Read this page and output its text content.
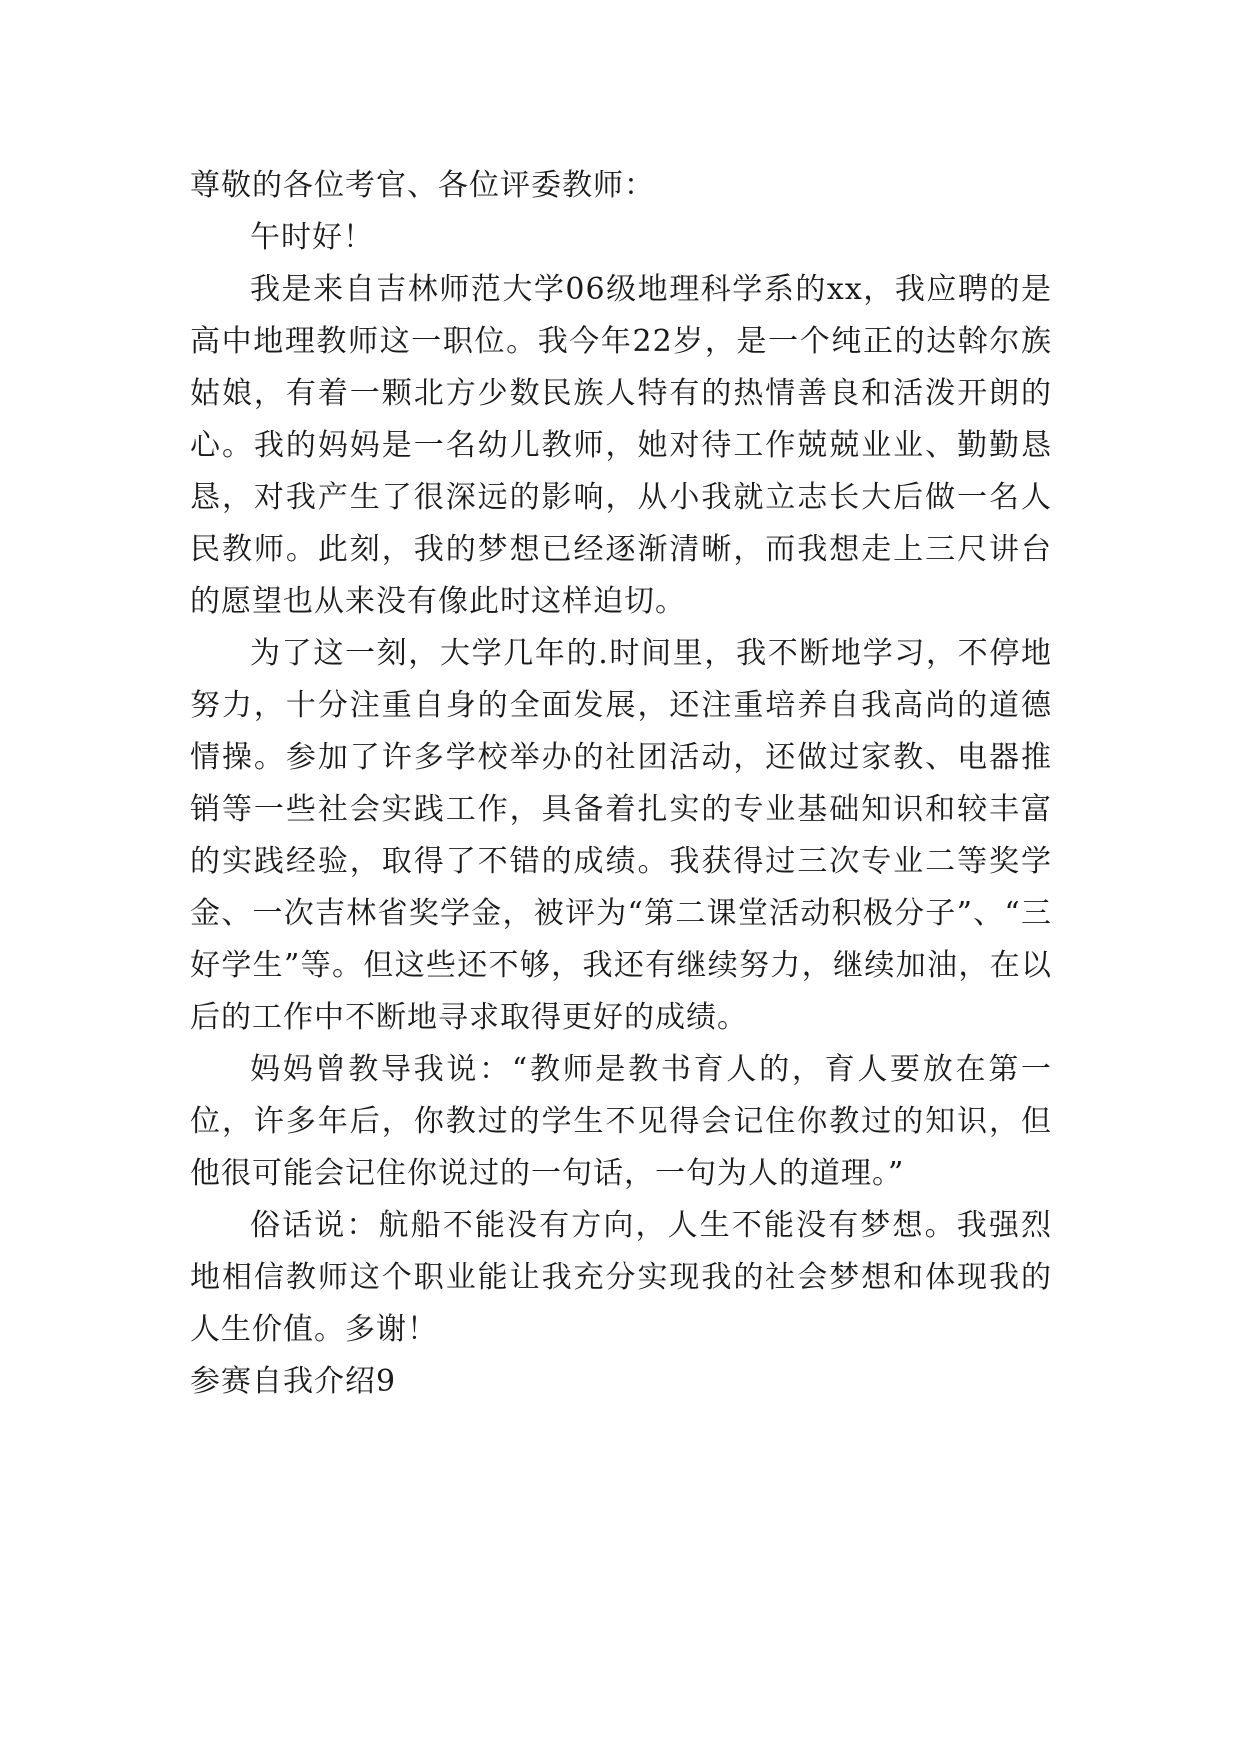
尊敬的各位考官、各位评委教师：

午时好！

我是来自吉林师范大学06级地理科学系的xx，我应聘的是高中地理教师这一职位。我今年22岁，是一个纯正的达斡尔族姑娘，有着一颗北方少数民族人特有的热情善良和活泼开朗的心。我的妈妈是一名幼儿教师，她对待工作兢兢业业、勤勤恳恳，对我产生了很深远的影响，从小我就立志长大后做一名人民教师。此刻，我的梦想已经逐渐清晰，而我想走上三尺讲台的愿望也从来没有像此时这样迫切。

为了这一刻，大学几年的.时间里，我不断地学习，不停地努力，十分注重自身的全面发展，还注重培养自我高尚的道德情操。参加了许多学校举办的社团活动，还做过家教、电器推销等一些社会实践工作，具备着扎实的专业基础知识和较丰富的实践经验，取得了不错的成绩。我获得过三次专业二等奖学金、一次吉林省奖学金，被评为“第二课堂活动积极分子”、“三好学生”等。但这些还不够，我还有继续努力，继续加油，在以后的工作中不断地寻求取得更好的成绩。

妈妈曾教导我说：“教师是教书育人的，育人要放在第一位，许多年后，你教过的学生不见得会记住你教过的知识，但他很可能会记住你说过的一句话，一句为人的道理。”

俗话说：航船不能没有方向，人生不能没有梦想。我强烈地相信教师这个职业能让我充分实现我的社会梦想和体现我的人生价值。多谢！

参赛自我介绍9
